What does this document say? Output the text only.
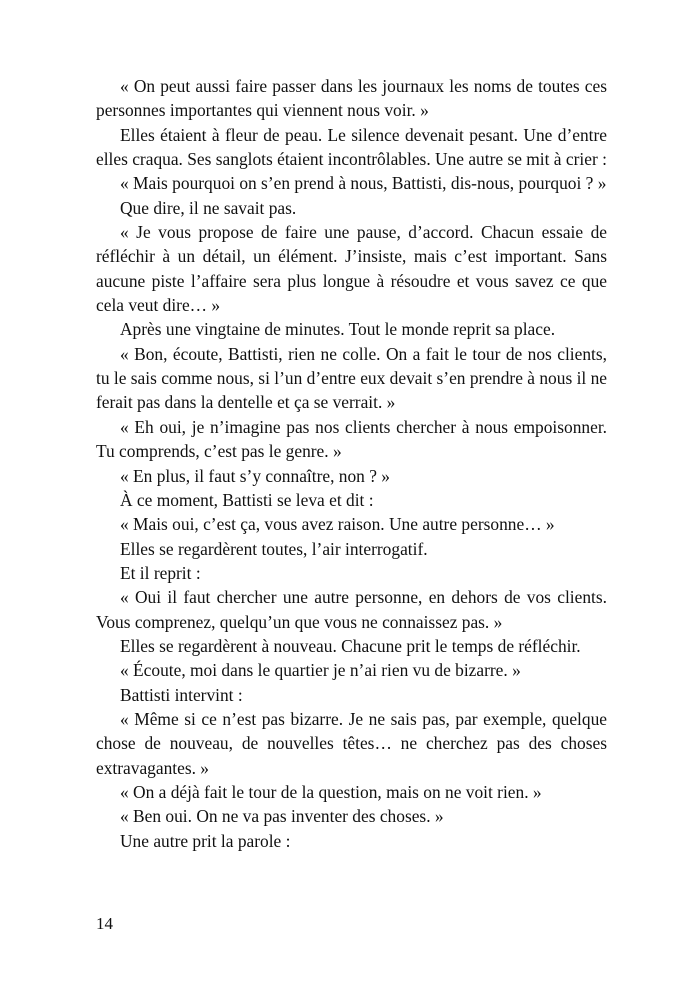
« On peut aussi faire passer dans les journaux les noms de toutes ces personnes importantes qui viennent nous voir. »

Elles étaient à fleur de peau. Le silence devenait pesant. Une d’entre elles craqua. Ses sanglots étaient incontrôlables. Une autre se mit à crier :

« Mais pourquoi on s’en prend à nous, Battisti, dis-nous, pourquoi ? »

Que dire, il ne savait pas.

« Je vous propose de faire une pause, d’accord. Chacun essaie de réfléchir à un détail, un élément. J’insiste, mais c’est important. Sans aucune piste l’affaire sera plus longue à résoudre et vous savez ce que cela veut dire… »

Après une vingtaine de minutes. Tout le monde reprit sa place.

« Bon, écoute, Battisti, rien ne colle. On a fait le tour de nos clients, tu le sais comme nous, si l’un d’entre eux devait s’en prendre à nous il ne ferait pas dans la dentelle et ça se verrait. »

« Eh oui, je n’imagine pas nos clients chercher à nous empoisonner. Tu comprends, c’est pas le genre. »

« En plus, il faut s’y connaître, non ? »

À ce moment, Battisti se leva et dit :

« Mais oui, c’est ça, vous avez raison. Une autre personne… »

Elles se regardèrent toutes, l’air interrogatif.

Et il reprit :

« Oui il faut chercher une autre personne, en dehors de vos clients. Vous comprenez, quelqu’un que vous ne connaissez pas. »

Elles se regardèrent à nouveau. Chacune prit le temps de réfléchir.

« Écoute, moi dans le quartier je n’ai rien vu de bizarre. »

Battisti intervint :

« Même si ce n’est pas bizarre. Je ne sais pas, par exemple, quelque chose de nouveau, de nouvelles têtes… ne cherchez pas des choses extravagantes. »

« On a déjà fait le tour de la question, mais on ne voit rien. »

« Ben oui. On ne va pas inventer des choses. »

Une autre prit la parole :

14
